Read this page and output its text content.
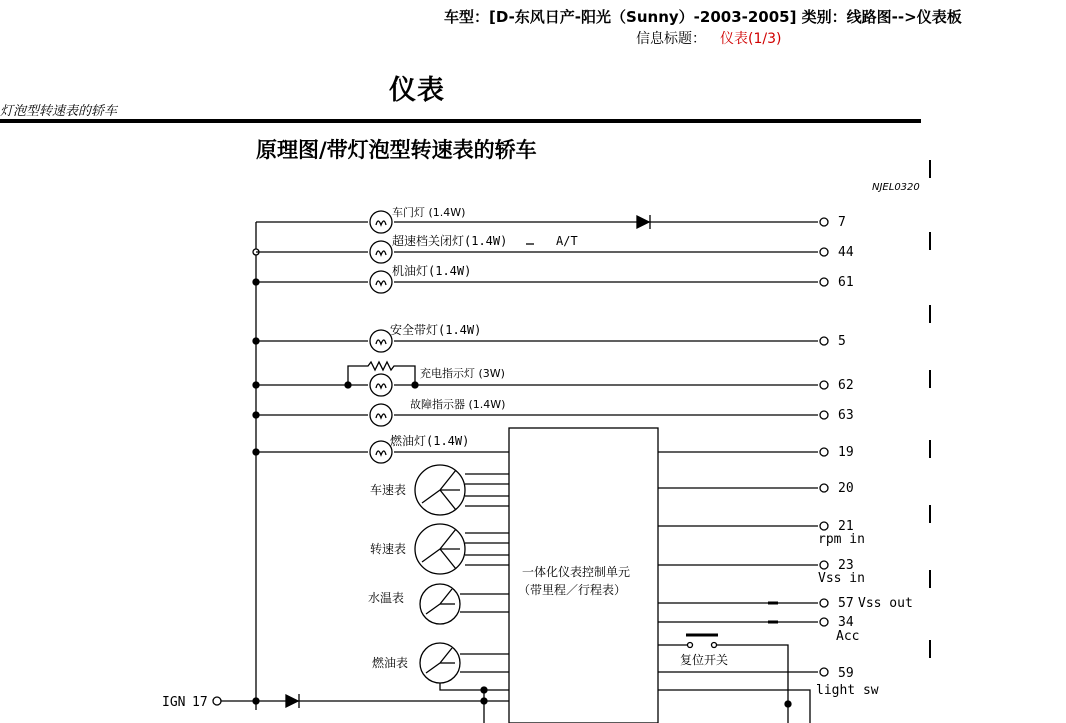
车型：[D-东风日产-阳光（Sunny）-2003-2005] 类别：线路图-->仪表板
信息标题： 仪表(1/3)
仪表
灯泡型转速表的轿车
原理图/带灯泡型转速表的轿车
NJEL0320
车门灯 (1.4W)
7
超速档关闭灯(1.4W)	A/T
44
机油灯(1.4W)
61
安全带灯(1.4W)
5
充电指示灯 (3W)
62
故障指示器 (1.4W)
63
燃油灯(1.4W)
19
一体化仪表控制单元
（带里程／行程表）
车速表
转速表
水温表
燃油表
20
21
rpm in
23
Vss in
57 Vss out
34
Acc
复位开关
59
light sw
IGN 17
